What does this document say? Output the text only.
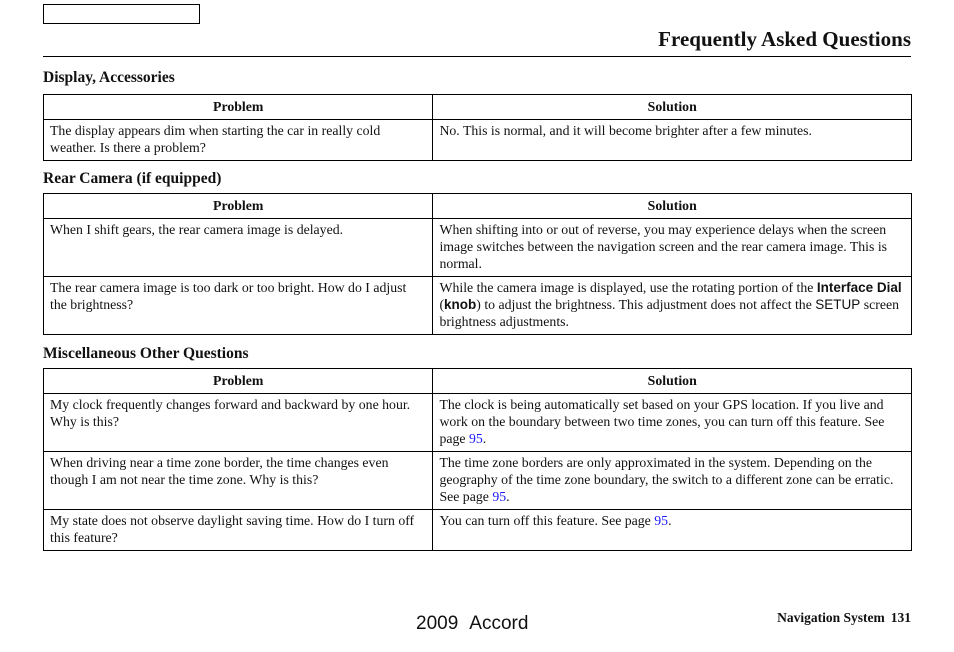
Frequently Asked Questions
Display, Accessories
Problem	Solution
The display appears dim when starting the car in really cold weather. Is there a problem?	No. This is normal, and it will become brighter after a few minutes.
Rear Camera (if equipped)
Problem	Solution
When I shift gears, the rear camera image is delayed.	When shifting into or out of reverse, you may experience delays when the screen image switches between the navigation screen and the rear camera image. This is normal.
The rear camera image is too dark or too bright. How do I adjust the brightness?	While the camera image is displayed, use the rotating portion of the Interface Dial (knob) to adjust the brightness. This adjustment does not affect the SETUP screen brightness adjustments.
Miscellaneous Other Questions
Problem	Solution
My clock frequently changes forward and backward by one hour. Why is this?	The clock is being automatically set based on your GPS location. If you live and work on the boundary between two time zones, you can turn off this feature. See page 95.
When driving near a time zone border, the time changes even though I am not near the time zone. Why is this?	The time zone borders are only approximated in the system. Depending on the geography of the time zone boundary, the switch to a different zone can be erratic. See page 95.
My state does not observe daylight saving time. How do I turn off this feature?	You can turn off this feature. See page 95.
2009 Accord	Navigation System 131
